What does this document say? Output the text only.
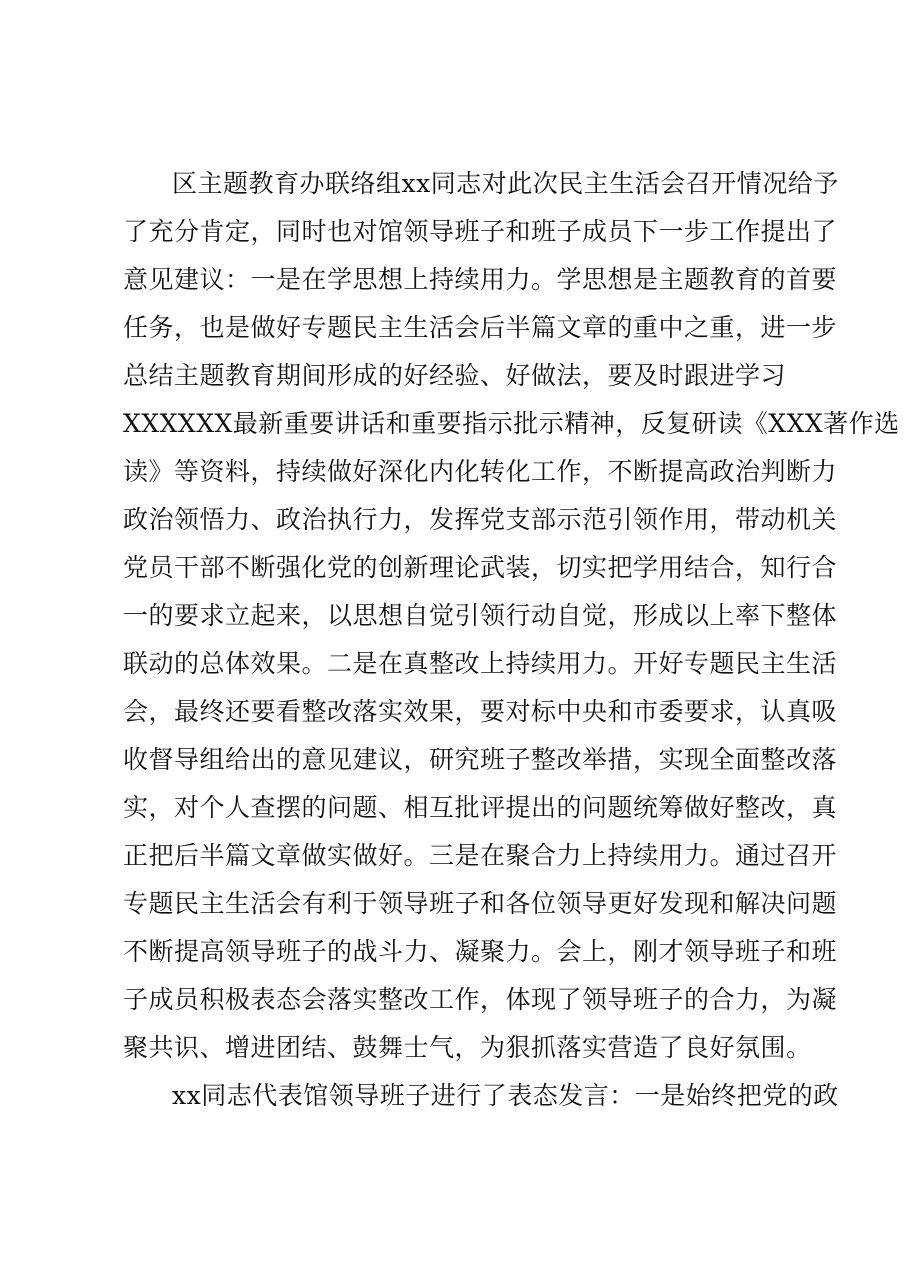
区主题教育办联络组xx同志对此次民主生活会召开情况给予
了充分肯定，同时也对馆领导班子和班子成员下一步工作提出了
意见建议：一是在学思想上持续用力。学思想是主题教育的首要
任务，也是做好专题民主生活会后半篇文章的重中之重，进一步
总结主题教育期间形成的好经验、好做法，要及时跟进学习
XXXXXX最新重要讲话和重要指示批示精神，反复研读《XXX著作选
读》等资料，持续做好深化内化转化工作，不断提高政治判断力
政治领悟力、政治执行力，发挥党支部示范引领作用，带动机关
党员干部不断强化党的创新理论武装，切实把学用结合，知行合
一的要求立起来，以思想自觉引领行动自觉，形成以上率下整体
联动的总体效果。二是在真整改上持续用力。开好专题民主生活
会，最终还要看整改落实效果，要对标中央和市委要求，认真吸
收督导组给出的意见建议，研究班子整改举措，实现全面整改落
实，对个人查摆的问题、相互批评提出的问题统筹做好整改，真
正把后半篇文章做实做好。三是在聚合力上持续用力。通过召开
专题民主生活会有利于领导班子和各位领导更好发现和解决问题
不断提高领导班子的战斗力、凝聚力。会上，刚才领导班子和班
子成员积极表态会落实整改工作，体现了领导班子的合力，为凝
聚共识、增进团结、鼓舞士气，为狠抓落实营造了良好氛围。
xx同志代表馆领导班子进行了表态发言：一是始终把党的政
